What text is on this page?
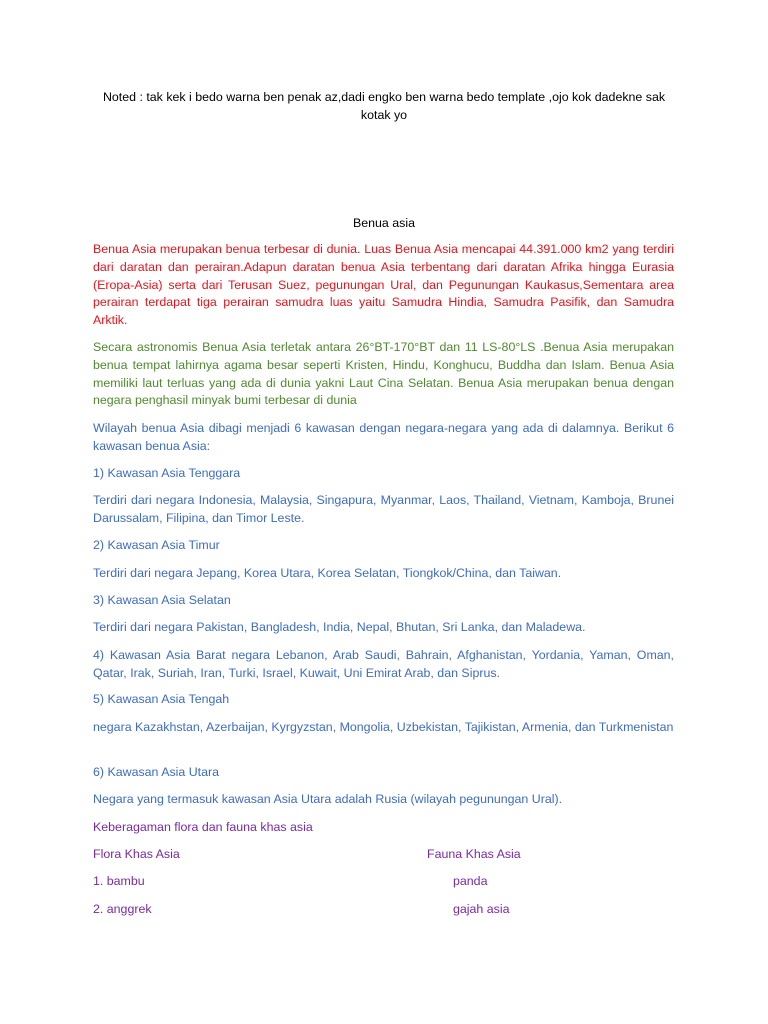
Noted : tak kek i bedo warna ben penak az,dadi engko ben warna bedo template ,ojo kok dadekne sak kotak yo
Benua asia

Benua Asia merupakan benua terbesar di dunia. Luas Benua Asia mencapai 44.391.000 km2 yang terdiri dari daratan dan perairan.Adapun daratan benua Asia terbentang dari daratan Afrika hingga Eurasia (Eropa-Asia) serta dari Terusan Suez, pegunungan Ural, dan Pegunungan Kaukasus,Sementara area perairan terdapat tiga perairan samudra luas yaitu Samudra Hindia, Samudra Pasifik, dan Samudra Arktik.

Secara astronomis Benua Asia terletak antara 26°BT-170°BT dan 11 LS-80°LS .Benua Asia merupakan benua tempat lahirnya agama besar seperti Kristen, Hindu, Konghucu, Buddha dan Islam. Benua Asia memiliki laut terluas yang ada di dunia yakni Laut Cina Selatan. Benua Asia merupakan benua dengan negara penghasil minyak bumi terbesar di dunia

Wilayah benua Asia dibagi menjadi 6 kawasan dengan negara-negara yang ada di dalamnya. Berikut 6 kawasan benua Asia:

1) Kawasan Asia Tenggara

Terdiri dari negara Indonesia, Malaysia, Singapura, Myanmar, Laos, Thailand, Vietnam, Kamboja, Brunei Darussalam, Filipina, dan Timor Leste.

2) Kawasan Asia Timur

Terdiri dari negara Jepang, Korea Utara, Korea Selatan, Tiongkok/China, dan Taiwan.

3) Kawasan Asia Selatan

Terdiri dari negara Pakistan, Bangladesh, India, Nepal, Bhutan, Sri Lanka, dan Maladewa.

4) Kawasan Asia Barat negara Lebanon, Arab Saudi, Bahrain, Afghanistan, Yordania, Yaman, Oman, Qatar, Irak, Suriah, Iran, Turki, Israel, Kuwait, Uni Emirat Arab, dan Siprus.

5) Kawasan Asia Tengah

negara Kazakhstan, Azerbaijan, Kyrgyzstan, Mongolia, Uzbekistan, Tajikistan, Armenia, dan Turkmenistan

6) Kawasan Asia Utara

Negara yang termasuk kawasan Asia Utara adalah Rusia (wilayah pegunungan Ural).

Keberagaman flora dan fauna khas asia

Flora Khas Asia	Fauna Khas Asia
1. bambu	panda
2. anggrek	gajah asia
